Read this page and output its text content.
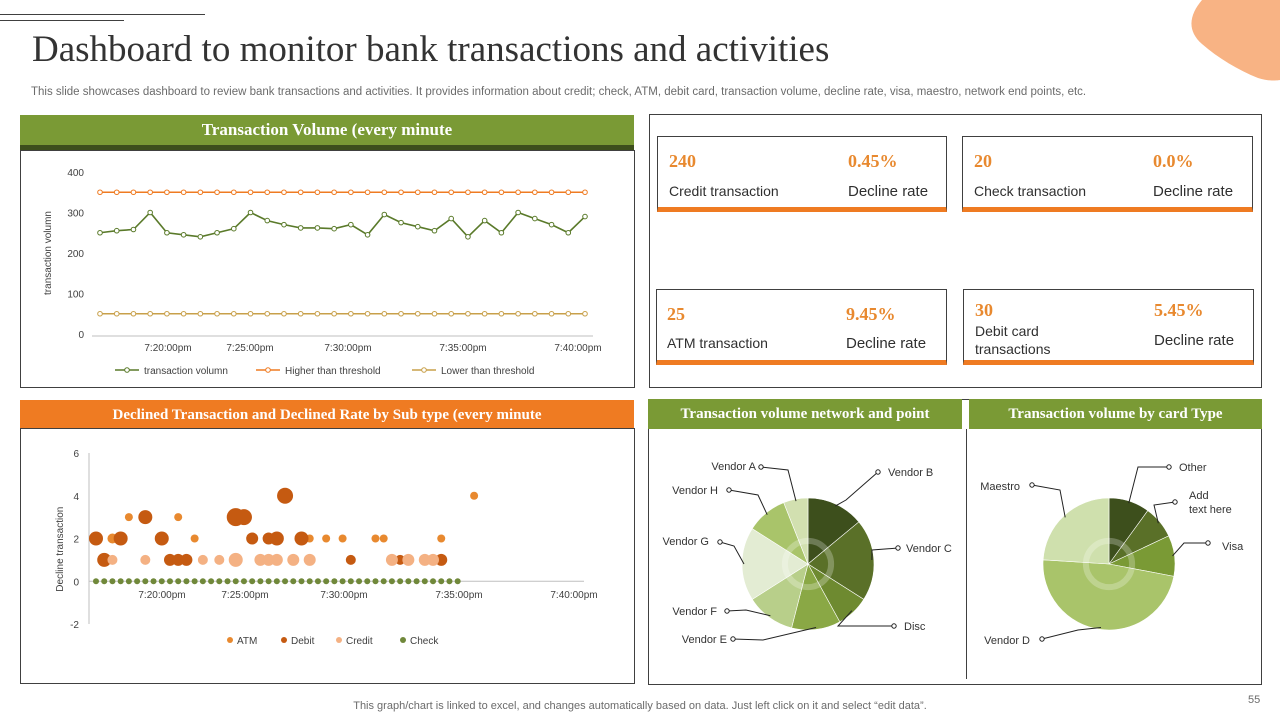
Dashboard to monitor bank transactions and activities
This slide showcases dashboard to review bank transactions and activities. It provides information about credit; check, ATM, debit card, transaction volume, decline rate, visa, maestro, network end points, etc.
Transaction Volume (every minute
0
100
200
300
400
transaction volumn
7:20:00pm	7:25:00pm	7:30:00pm	7:35:00pm	7:40:00pm
transaction volumn	Higher than threshold	Lower than threshold
240
Credit transaction
0.45%
Decline rate
20
Check transaction
0.0%
Decline rate
25
ATM transaction
9.45%
Decline rate
30
Debit card transactions
5.45%
Decline rate
Declined Transaction and Declined Rate by Sub type (every minute
-2
0
2
4
6
Decline transaction
7:20:00pm	7:25:00pm	7:30:00pm	7:35:00pm	7:40:00pm
ATM	Debit	Credit	Check
Transaction volume network and point	Transaction volume by card Type
Vendor B
Vendor C
Disc
Vendor E
Vendor F
Vendor G
Vendor H
Vendor A	Other
Add
text here
Visa
Vendor D
Maestro
This graph/chart is linked to excel, and changes automatically based on data. Just left click on it and select “edit data”.	55
